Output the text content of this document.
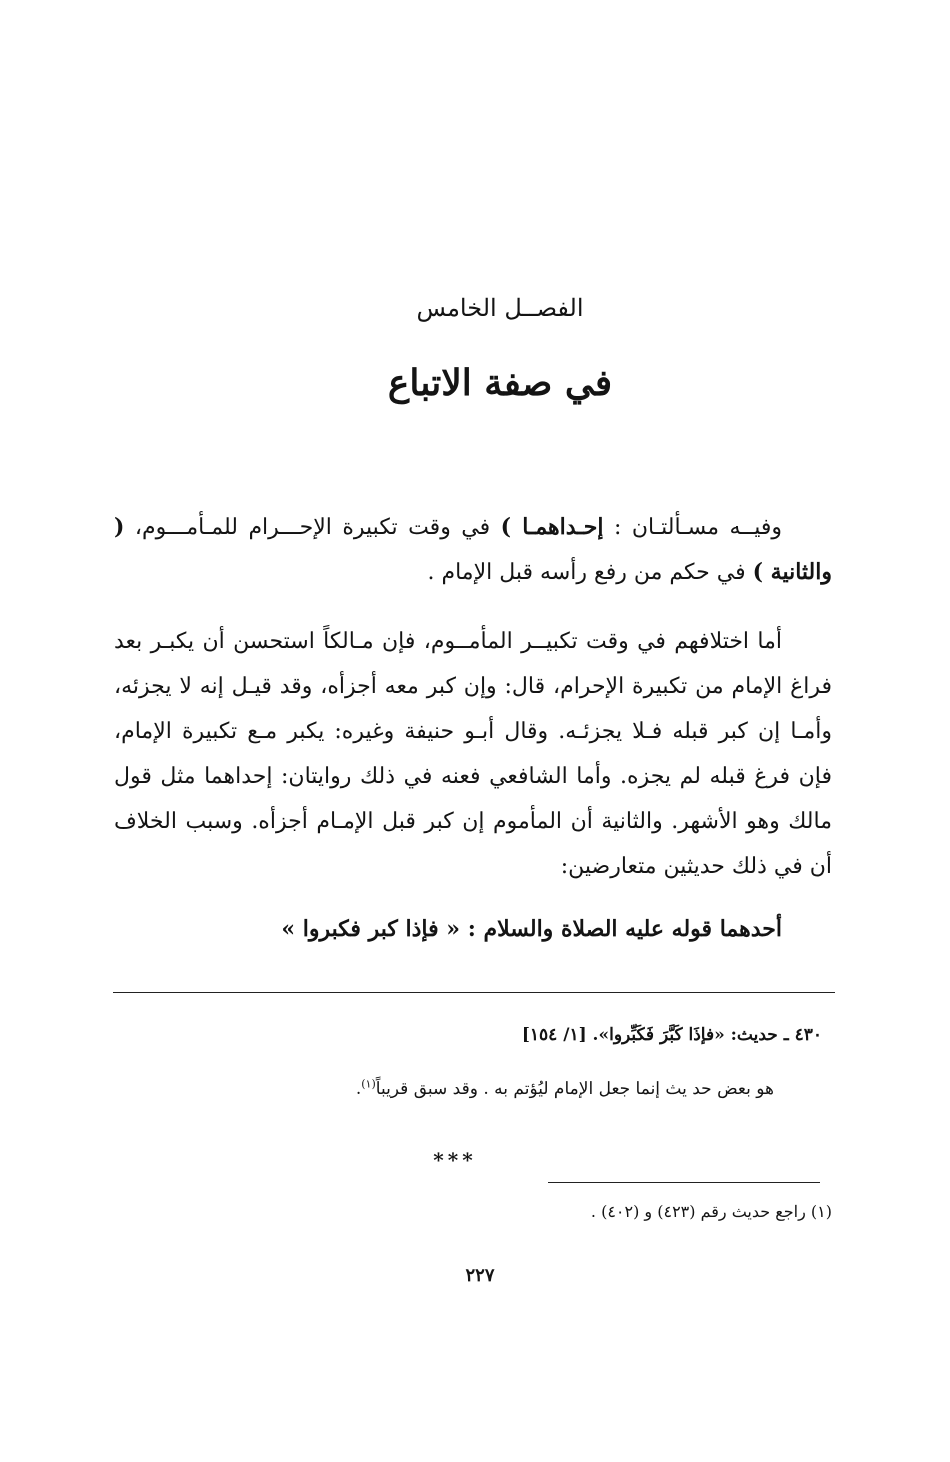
الفصــل الخامس
في صفة الاتباع

وفيــه مسـألتـان : إحـداهمـا ) في وقت تكبيرة الإحـــرام للمـأمـــوم، ( والثانية ) في حكم من رفع رأسه قبل الإمام .

أما اختلافهم في وقت تكبيــر المأمــوم، فإن مـالكاً استحسن أن يكبـر بعد فراغ الإمام من تكبيرة الإحرام، قال: وإن كبر معه أجزأه، وقد قيـل إنه لا يجزئه، وأمـا إن كبر قبله فـلا يجزئـه. وقال أبـو حنيفة وغيره: يكبر مـع تكبيرة الإمام، فإن فرغ قبله لم يجزه. وأما الشافعي فعنه في ذلك روايتان: إحداهما مثل قول مالك وهو الأشهر. والثانية أن المأموم إن كبر قبل الإمـام أجزأه. وسبب الخلاف أن في ذلك حديثين متعارضين:

أحدهما قوله عليه الصلاة والسلام : « فإذا كبر فكبروا »

٤٣٠ ـ حديث: «فإذَا كَبَّرَ فَكَبِّروا». [١/ ١٥٤]

هو بعض حد يث إنما جعل الإمام ليُؤتم به . وقد سبق قريباً$^{(١)}$.

***

(١) راجع حديث رقم (٤٢٣) و (٤٠٢) .

٢٢٧
